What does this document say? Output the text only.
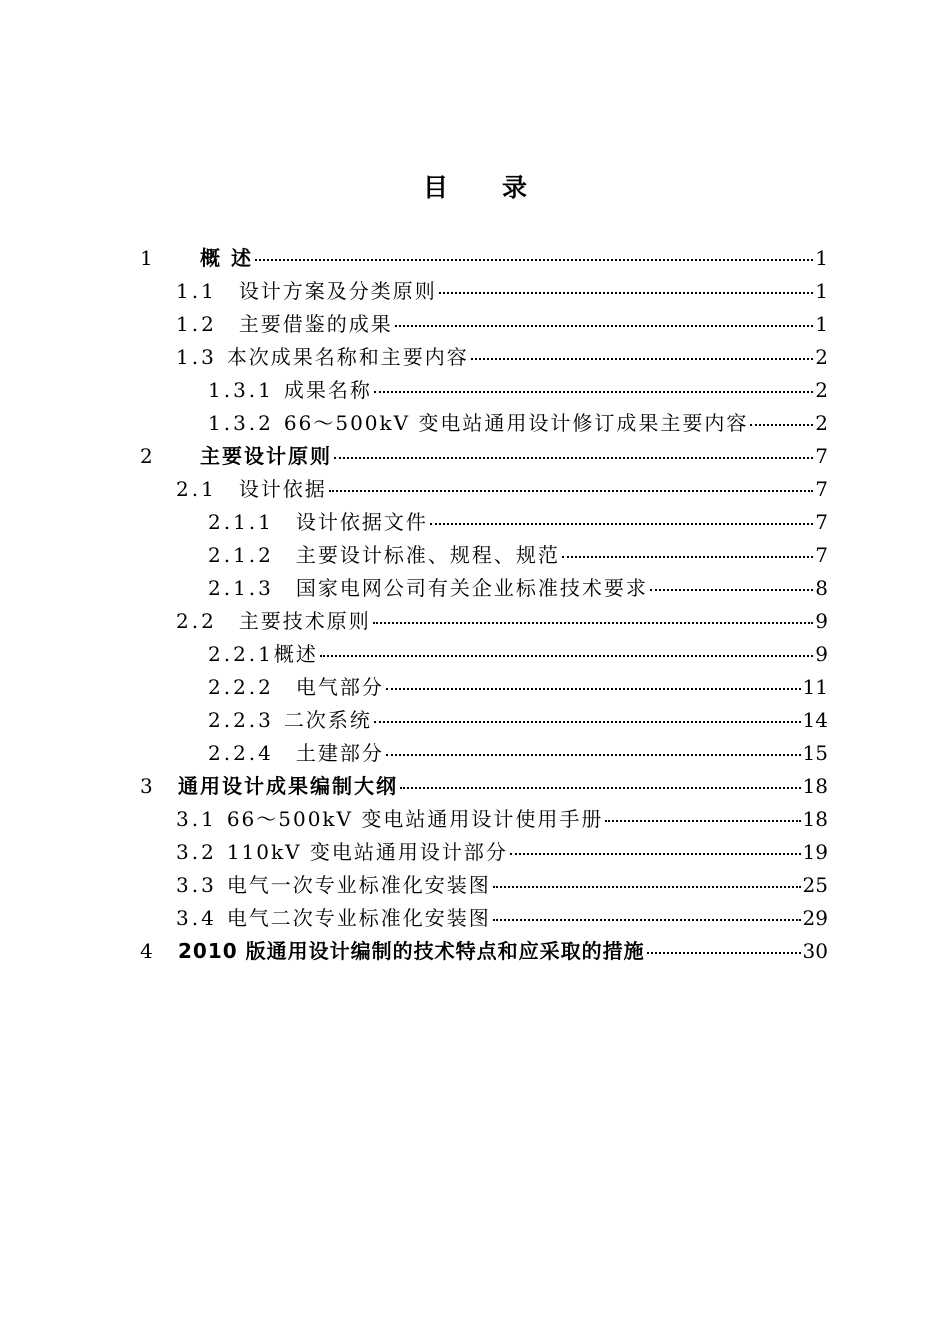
目录
1	概 述	1
1.1 设计方案及分类原则	1
1.2 主要借鉴的成果	1
1.3 本次成果名称和主要内容	2
1.3.1 成果名称	2
1.3.2 66～500kV 变电站通用设计修订成果主要内容	2
2	主要设计原则	7
2.1 设计依据	7
2.1.1 设计依据文件	7
2.1.2 主要设计标准、规程、规范	7
2.1.3 国家电网公司有关企业标准技术要求	8
2.2 主要技术原则	9
2.2.1 概述	9
2.2.2 电气部分	11
2.2.3 二次系统	14
2.2.4 土建部分	15
3	通用设计成果编制大纲	18
3.1 66～500kV 变电站通用设计使用手册	18
3.2 110kV 变电站通用设计部分	19
3.3 电气一次专业标准化安装图	25
3.4 电气二次专业标准化安装图	29
4	2010 版通用设计编制的技术特点和应采取的措施	30
